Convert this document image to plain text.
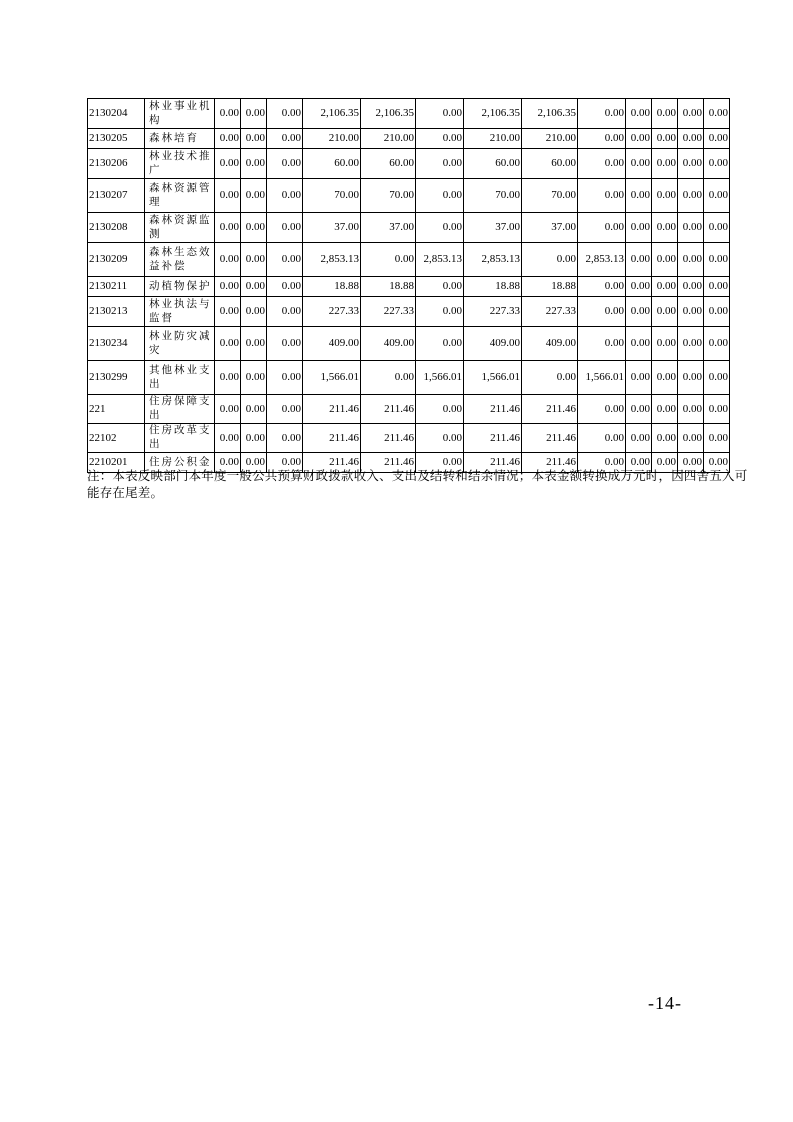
2130204	林业事业机构	0.00	0.00	0.00	2,106.35	2,106.35	0.00	2,106.35	2,106.35	0.00	0.00	0.00	0.00	0.00
2130205	森林培育	0.00	0.00	0.00	210.00	210.00	0.00	210.00	210.00	0.00	0.00	0.00	0.00	0.00
2130206	林业技术推广	0.00	0.00	0.00	60.00	60.00	0.00	60.00	60.00	0.00	0.00	0.00	0.00	0.00
2130207	森林资源管理	0.00	0.00	0.00	70.00	70.00	0.00	70.00	70.00	0.00	0.00	0.00	0.00	0.00
2130208	森林资源监测	0.00	0.00	0.00	37.00	37.00	0.00	37.00	37.00	0.00	0.00	0.00	0.00	0.00
2130209	森林生态效益补偿	0.00	0.00	0.00	2,853.13	0.00	2,853.13	2,853.13	0.00	2,853.13	0.00	0.00	0.00	0.00
2130211	动植物保护	0.00	0.00	0.00	18.88	18.88	0.00	18.88	18.88	0.00	0.00	0.00	0.00	0.00
2130213	林业执法与监督	0.00	0.00	0.00	227.33	227.33	0.00	227.33	227.33	0.00	0.00	0.00	0.00	0.00
2130234	林业防灾减灾	0.00	0.00	0.00	409.00	409.00	0.00	409.00	409.00	0.00	0.00	0.00	0.00	0.00
2130299	其他林业支出	0.00	0.00	0.00	1,566.01	0.00	1,566.01	1,566.01	0.00	1,566.01	0.00	0.00	0.00	0.00
221	住房保障支出	0.00	0.00	0.00	211.46	211.46	0.00	211.46	211.46	0.00	0.00	0.00	0.00	0.00
22102	住房改革支出	0.00	0.00	0.00	211.46	211.46	0.00	211.46	211.46	0.00	0.00	0.00	0.00	0.00
2210201	住房公积金	0.00	0.00	0.00	211.46	211.46	0.00	211.46	211.46	0.00	0.00	0.00	0.00	0.00
注：本表反映部门本年度一般公共预算财政拨款收入、支出及结转和结余情况；本表金额转换成万元时，因四舍五入可能存在尾差。
-14-
